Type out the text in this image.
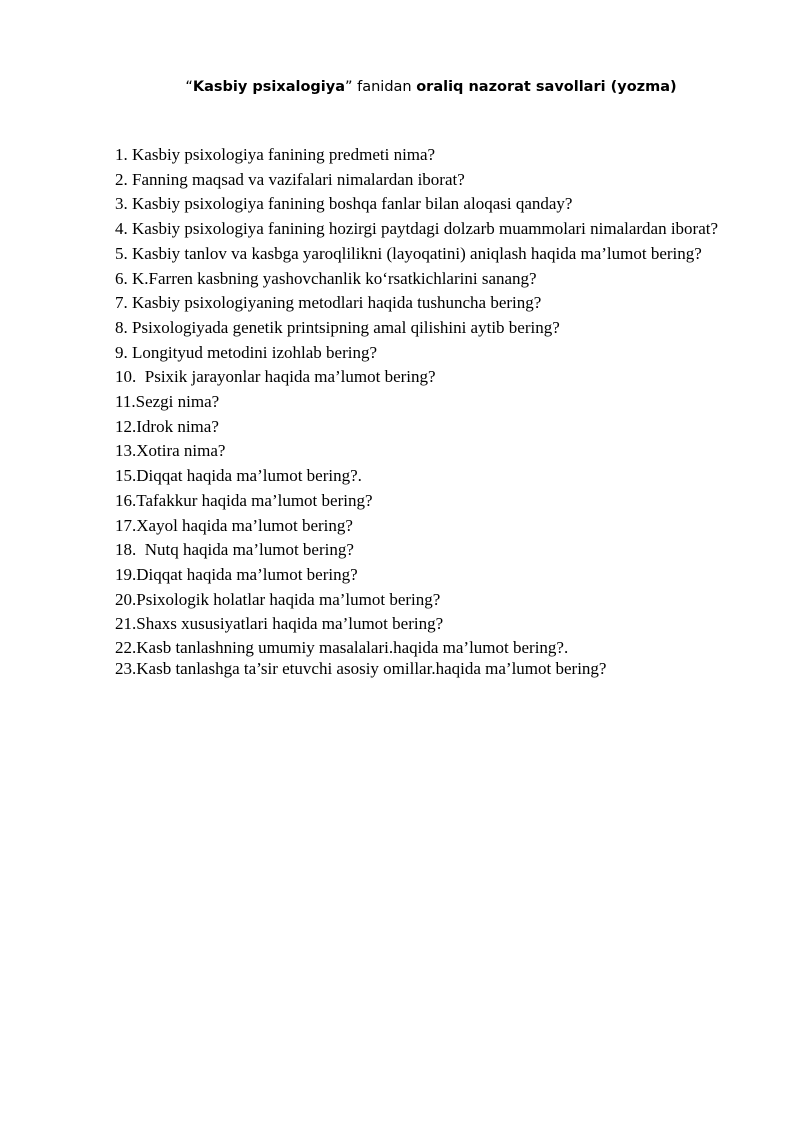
“Kasbiy psixalogiya” fanidan oraliq nazorat savollari (yozma)
1. Kasbiy psixologiya fanining predmeti nima?
2. Fanning maqsad va vazifalari nimalardan iborat?
3. Kasbiy psixologiya fanining boshqa fanlar bilan aloqasi qanday?
4. Kasbiy psixologiya fanining hozirgi paytdagi dolzarb muammolari nimalardan iborat?
5. Kasbiy tanlov va kasbga yaroqlilikni (layoqatini) aniqlash haqida ma’lumot bering?
6. K.Farren kasbning yashovchanlik koʻrsatkichlarini sanang?
7. Kasbiy psixologiyaning metodlari haqida tushuncha bering?
8. Psixologiyada genetik printsipning amal qilishini aytib bering?
9. Longityud metodini izohlab bering?
10.  Psixik jarayonlar haqida ma’lumot bering?
11.Sezgi nima?
12.Idrok nima?
13.Xotira nima?
15.Diqqat haqida ma’lumot bering?.
16.Tafakkur haqida ma’lumot bering?
17.Xayol haqida ma’lumot bering?
18.  Nutq haqida ma’lumot bering?
19.Diqqat haqida ma’lumot bering?
20.Psixologik holatlar haqida ma’lumot bering?
21.Shaxs xususiyatlari haqida ma’lumot bering?
22.Kasb tanlashning umumiy masalalari.haqida ma’lumot bering?.
23.Kasb tanlashga ta’sir etuvchi asosiy omillar.haqida ma’lumot bering?
